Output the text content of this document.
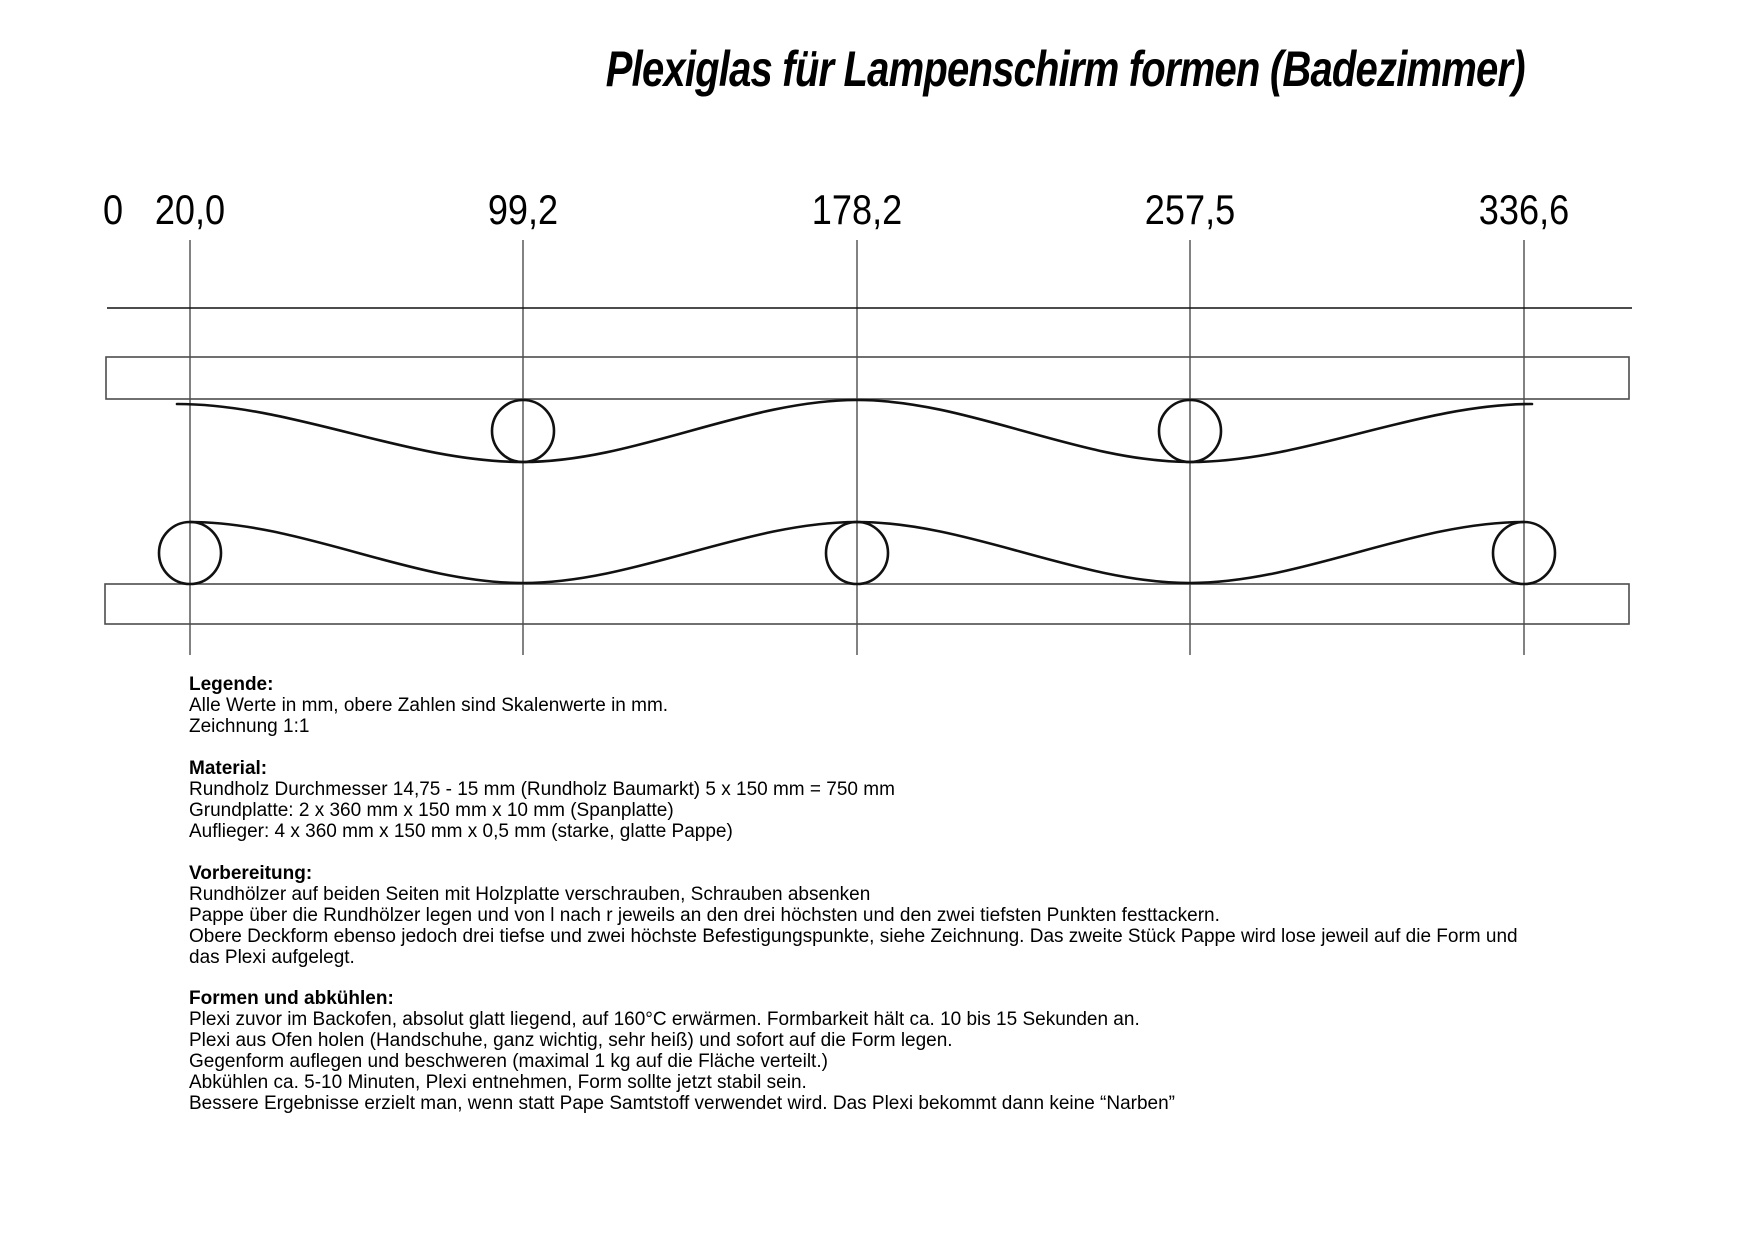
Plexiglas für Lampenschirm formen (Badezimmer)
0 20,0	99,2	178,2	257,5	336,6
Legende:
Alle Werte in mm, obere Zahlen sind Skalenwerte in mm.
Zeichnung 1:1
Material:
Rundholz Durchmesser 14,75 - 15 mm (Rundholz Baumarkt) 5 x 150 mm = 750 mm
Grundplatte: 2 x 360 mm x 150 mm x 10 mm (Spanplatte)
Auflieger: 4 x 360 mm x 150 mm x 0,5 mm (starke, glatte Pappe)
Vorbereitung:
Rundhölzer auf beiden Seiten mit Holzplatte verschrauben, Schrauben absenken
Pappe über die Rundhölzer legen und von l nach r jeweils an den drei höchsten und den zwei tiefsten Punkten festtackern.
Obere Deckform ebenso jedoch drei tiefse und zwei höchste Befestigungspunkte, siehe Zeichnung. Das zweite Stück Pappe wird lose jeweil auf die Form und
das Plexi aufgelegt.
Formen und abkühlen:
Plexi zuvor im Backofen, absolut glatt liegend, auf 160°C erwärmen. Formbarkeit hält ca. 10 bis 15 Sekunden an.
Plexi aus Ofen holen (Handschuhe, ganz wichtig, sehr heiß) und sofort auf die Form legen.
Gegenform auflegen und beschweren (maximal 1 kg auf die Fläche verteilt.)
Abkühlen ca. 5-10 Minuten, Plexi entnehmen, Form sollte jetzt stabil sein.
Bessere Ergebnisse erzielt man, wenn statt Pape Samtstoff verwendet wird. Das Plexi bekommt dann keine “Narben”
